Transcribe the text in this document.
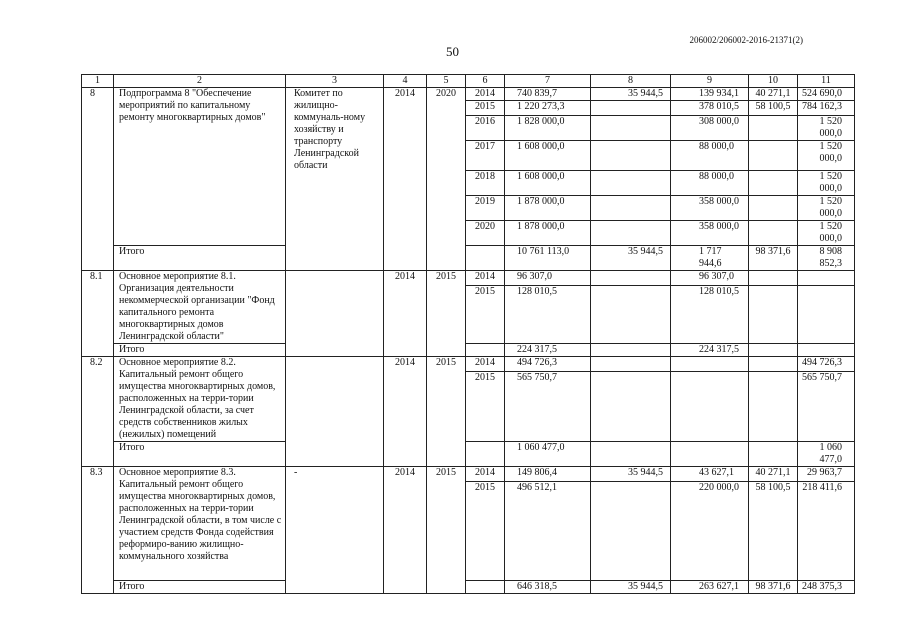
206002/206002-2016-21371(2)
50
1	2	3	4	5	6	7	8	9	10	11
8	Подпрограмма 8 "Обеспечение мероприятий по капитальному ремонту многоквартирных домов"	Комитет по жилищно-коммуналь-ному хозяйству и транспорту Ленинградской области	2014	2020	2014	740 839,7	35 944,5	139 934,1	40 271,1	524 690,0
					2015	1 220 273,3		378 010,5	58 100,5	784 162,3
					2016	1 828 000,0		308 000,0		1 520 000,0
					2017	1 608 000,0		88 000,0		1 520 000,0
					2018	1 608 000,0		88 000,0		1 520 000,0
					2019	1 878 000,0		358 000,0		1 520 000,0
					2020	1 878 000,0		358 000,0		1 520 000,0
	Итого					10 761 113,0	35 944,5	1 717 944,6	98 371,6	8 908 852,3
8.1	Основное мероприятие 8.1. Организация деятельности некоммерческой организации "Фонд капитального ремонта многоквартирных домов Ленинградской области"		2014	2015	2014	96 307,0		96 307,0		
					2015	128 010,5		128 010,5		
	Итого					224 317,5		224 317,5		
8.2	Основное мероприятие 8.2. Капитальный ремонт общего имущества многоквартирных домов, расположенных на терри-тории Ленинградской области, за счет средств собственников жилых (нежилых) помещений		2014	2015	2014	494 726,3				494 726,3
					2015	565 750,7				565 750,7
	Итого					1 060 477,0				1 060 477,0
8.3	Основное мероприятие 8.3. Капитальный ремонт общего имущества многоквартирных домов, расположенных на терри-тории Ленинградской области, в том числе с участием средств Фонда содействия реформиро-ванию жилищно-коммунального хозяйства	-	2014	2015	2014	149 806,4	35 944,5	43 627,1	40 271,1	29 963,7
					2015	496 512,1		220 000,0	58 100,5	218 411,6
	Итого					646 318,5	35 944,5	263 627,1	98 371,6	248 375,3
